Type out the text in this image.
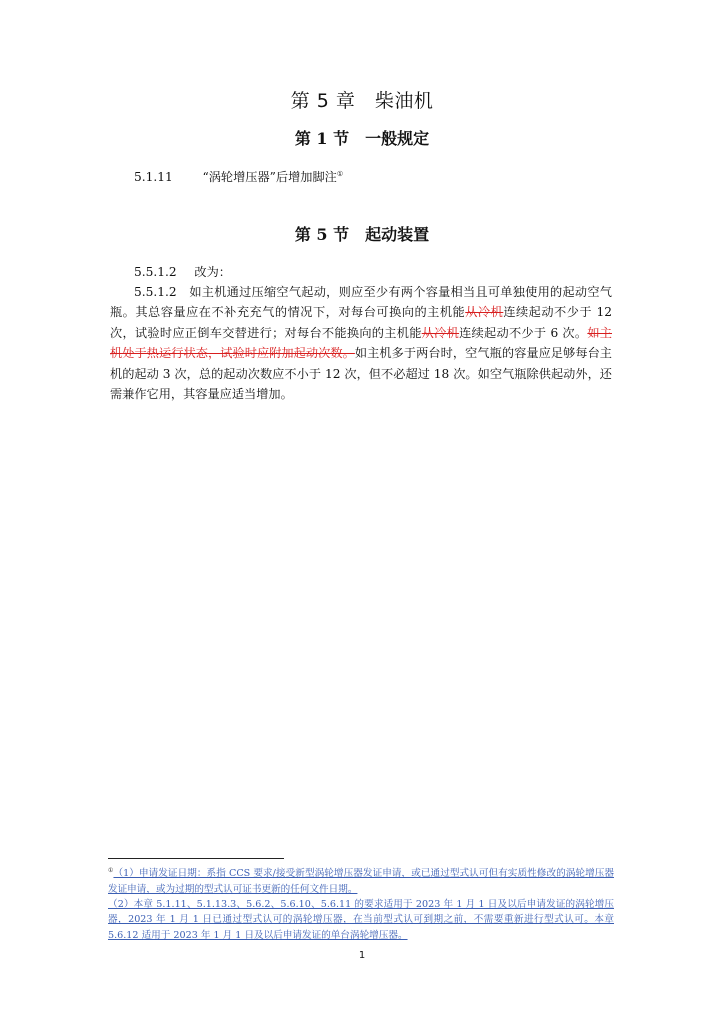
第 5 章　柴油机
第 1 节　一般规定
5.1.11 “涡轮增压器”后增加脚注①
第 5 节　起动装置
5.5.1.2 改为：
5.5.1.2　如主机通过压缩空气起动，则应至少有两个容量相当且可单独使用的起动空气瓶。其总容量应在不补充充气的情况下，对每台可换向的主机能从冷机连续起动不少于 12次，试验时应正倒车交替进行；对每台不能换向的主机能从冷机连续起动不少于 6 次。如主机处于热运行状态，试验时应附加起动次数。如主机多于两台时，空气瓶的容量应足够每台主机的起动 3 次，总的起动次数应不小于 12 次，但不必超过 18 次。如空气瓶除供起动外，还需兼作它用，其容量应适当增加。
①（1）申请发证日期：系指 CCS 要求/接受新型涡轮增压器发证申请，或已通过型式认可但有实质性修改的涡轮增压器发证申请，或为过期的型式认可证书更新的任何文件日期。
（2）本章 5.1.11、5.1.13.3、5.6.2、5.6.10、5.6.11 的要求适用于 2023 年 1 月 1 日及以后申请发证的涡轮增压器，2023 年 1 月 1 日已通过型式认可的涡轮增压器，在当前型式认可到期之前，不需要重新进行型式认可。本章 5.6.12 适用于 2023 年 1 月 1 日及以后申请发证的单台涡轮增压器。
1
